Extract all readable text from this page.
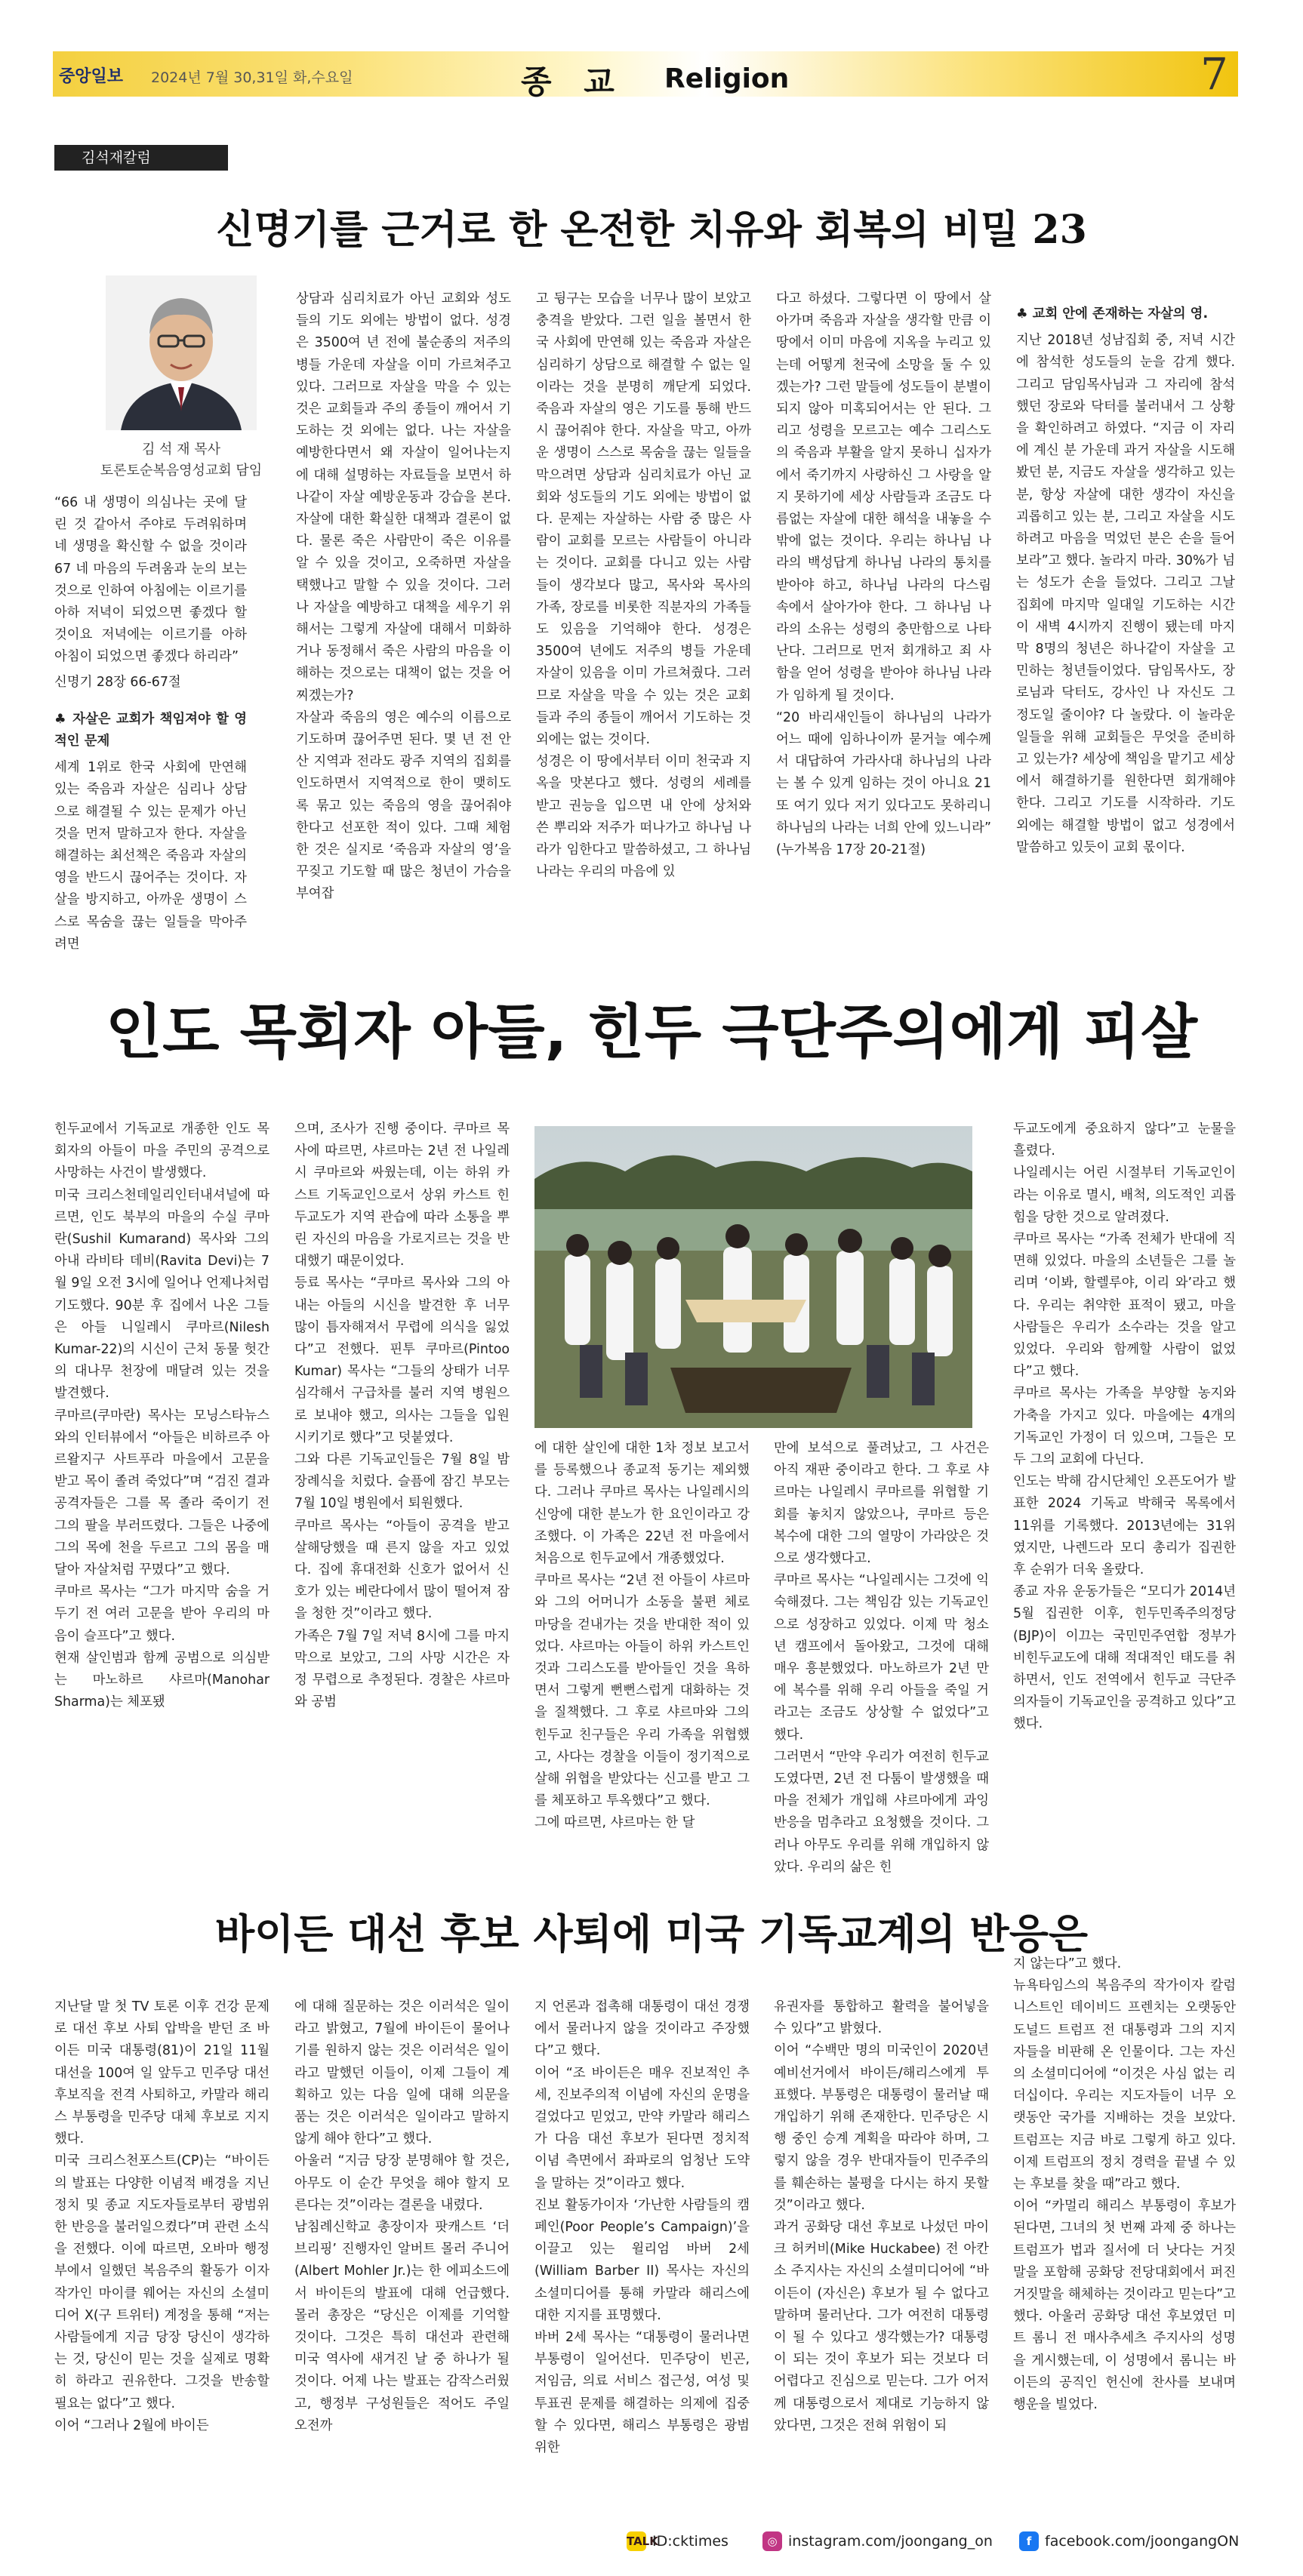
중앙일보 2024년 7월 30,31일 화,수요일	종 교 Religion	7
김석재칼럼
신명기를 근거로 한 온전한 치유와 회복의 비밀 23
김 석 재 목사
토론토순복음영성교회 담임

“66 내 생명이 의심나는 곳에 달린 것 같아서 주야로 두려워하며 네 생명을 확신할 수 없을 것이라 67 네 마음의 두려움과 눈의 보는 것으로 인하여 아침에는 이르기를 아하 저녁이 되었으면 좋겠다 할 것이요 저녁에는 이르기를 아하 아침이 되었으면 좋겠다 하리라”

신명기 28장 66-67절

♣ 자살은 교회가 책임져야 할 영적인 문제

세계 1위로 한국 사회에 만연해 있는 죽음과 자살은 심리나 상담으로 해결될 수 있는 문제가 아닌 것을 먼저 말하고자 한다. 자살을 해결하는 최선책은 죽음과 자살의 영을 반드시 끊어주는 것이다. 자살을 방지하고, 아까운 생명이 스스로 목숨을 끊는 일들을 막아주려면

상담과 심리치료가 아닌 교회와 성도들의 기도 외에는 방법이 없다. 성경은 3500여 년 전에 불순종의 저주의 병들 가운데 자살을 이미 가르쳐주고 있다. 그러므로 자살을 막을 수 있는 것은 교회들과 주의 종들이 깨어서 기도하는 것 외에는 없다. 나는 자살을 예방한다면서 왜 자살이 일어나는지에 대해 설명하는 자료들을 보면서 하나같이 자살 예방운동과 강습을 본다. 자살에 대한 확실한 대책과 결론이 없다. 물론 죽은 사람만이 죽은 이유를 알 수 있을 것이고, 오죽하면 자살을 택했나고 말할 수 있을 것이다. 그러나 자살을 예방하고 대책을 세우기 위해서는 그렇게 자살에 대해서 미화하거나 동정해서 죽은 사람의 마음을 이해하는 것으로는 대책이 없는 것을 어찌겠는가?

자살과 죽음의 영은 예수의 이름으로 기도하며 끊어주면 된다. 몇 년 전 안산 지역과 전라도 광주 지역의 집회를 인도하면서 지역적으로 한이 맺히도록 묶고 있는 죽음의 영을 끊어줘야 한다고 선포한 적이 있다. 그때 체험한 것은 실지로 ‘죽음과 자살의 영’을 꾸짖고 기도할 때 많은 청년이 가슴을 부여잡

고 뒹구는 모습을 너무나 많이 보았고 충격을 받았다. 그런 일을 볼면서 한국 사회에 만연해 있는 죽음과 자살은 심리하기 상담으로 해결할 수 없는 일이라는 것을 분명히 깨닫게 되었다. 죽음과 자살의 영은 기도를 통해 반드시 끊어줘야 한다. 자살을 막고, 아까운 생명이 스스로 목숨을 끊는 일들을 막으려면 상담과 심리치료가 아닌 교회와 성도들의 기도 외에는 방법이 없다. 문제는 자살하는 사람 중 많은 사람이 교회를 모르는 사람들이 아니라는 것이다. 교회를 다니고 있는 사람들이 생각보다 많고, 목사와 목사의 가족, 장로를 비롯한 직분자의 가족들도 있음을 기억해야 한다. 성경은 3500여 년에도 저주의 병들 가운데 자살이 있음을 이미 가르쳐줬다. 그러므로 자살을 막을 수 있는 것은 교회들과 주의 종들이 깨어서 기도하는 것 외에는 없는 것이다.

성경은 이 땅에서부터 이미 천국과 지옥을 맛본다고 했다. 성령의 세례를 받고 권능을 입으면 내 안에 상처와 쓴 뿌리와 저주가 떠나가고 하나님 나라가 임한다고 말씀하셨고, 그 하나님 나라는 우리의 마음에 있

다고 하셨다. 그렇다면 이 땅에서 살아가며 죽음과 자살을 생각할 만큼 이 땅에서 이미 마음에 지옥을 누리고 있는데 어떻게 천국에 소망을 둘 수 있겠는가? 그런 말들에 성도들이 분별이 되지 않아 미혹되어서는 안 된다. 그리고 성령을 모르고는 예수 그리스도의 죽음과 부활을 알지 못하니 십자가에서 죽기까지 사랑하신 그 사랑을 알지 못하기에 세상 사람들과 조금도 다름없는 자살에 대한 해석을 내놓을 수밖에 없는 것이다. 우리는 하나님 나라의 백성답게 하나님 나라의 통치를 받아야 하고, 하나님 나라의 다스림 속에서 살아가야 한다. 그 하나님 나라의 소유는 성령의 충만함으로 나타난다. 그러므로 먼저 회개하고 죄 사함을 얻어 성령을 받아야 하나님 나라가 임하게 될 것이다.

“20 바리새인들이 하나님의 나라가 어느 때에 임하나이까 묻거늘 예수께서 대답하여 가라사대 하나님의 나라는 볼 수 있게 임하는 것이 아니요 21 또 여기 있다 저기 있다고도 못하리니 하나님의 나라는 너희 안에 있느니라” (누가복음 17장 20-21절)

♣ 교회 안에 존재하는 자살의 영.

지난 2018년 성남집회 중, 저녁 시간에 참석한 성도들의 눈을 감게 했다. 그리고 담임목사님과 그 자리에 참석했던 장로와 닥터를 불러내서 그 상황을 확인하려고 하였다. “지금 이 자리에 계신 분 가운데 과거 자살을 시도해봤던 분, 지금도 자살을 생각하고 있는 분, 항상 자살에 대한 생각이 자신을 괴롭히고 있는 분, 그리고 자살을 시도하려고 마음을 먹었던 분은 손을 들어보라”고 했다. 놀라지 마라. 30%가 넘는 성도가 손을 들었다. 그리고 그날 집회에 마지막 일대일 기도하는 시간이 새벽 4시까지 진행이 됐는데 마지막 8명의 청년은 하나같이 자살을 고민하는 청년들이었다. 담임목사도, 장로님과 닥터도, 강사인 나 자신도 그 정도일 줄이야? 다 놀랐다. 이 놀라운 일들을 위해 교회들은 무엇을 준비하고 있는가? 세상에 책임을 맡기고 세상에서 해결하기를 원한다면 회개해야 한다. 그리고 기도를 시작하라. 기도 외에는 해결할 방법이 없고 성경에서 말씀하고 있듯이 교회 몫이다.

인도 목회자 아들, 힌두 극단주의에게 피살

힌두교에서 기독교로 개종한 인도 목회자의 아들이 마을 주민의 공격으로 사망하는 사건이 발생했다.

미국 크리스천데일리인터내셔널에 따르면, 인도 북부의 마을의 수실 쿠마란(Sushil Kumarand) 목사와 그의 아내 라비타 데비(Ravita Devi)는 7월 9일 오전 3시에 일어나 언제나처럼 기도했다. 90분 후 집에서 나온 그들은 아들 니일레시 쿠마르(Nilesh Kumar-22)의 시신이 근처 동물 헛간의 대나무 천장에 매달려 있는 것을 발견했다.

쿠마르(쿠마란) 목사는 모닝스타뉴스와의 인터뷰에서 “아들은 비하르주 아르왈지구 사트푸라 마을에서 고문을 받고 목이 졸려 죽었다”며 “검진 결과 공격자들은 그를 목 졸라 죽이기 전 그의 팔을 부러뜨렸다. 그들은 나중에 그의 목에 천을 두르고 그의 몸을 매달아 자살처럼 꾸몄다”고 했다.

쿠마르 목사는 “그가 마지막 숨을 거두기 전 여러 고문을 받아 우리의 마음이 슬프다”고 했다.

현재 살인범과 함께 공범으로 의심받는 마노하르 샤르마(Manohar Sharma)는 체포됐

으며, 조사가 진행 중이다. 쿠마르 목사에 따르면, 샤르마는 2년 전 나일레시 쿠마르와 싸웠는데, 이는 하위 카스트 기독교인으로서 상위 카스트 힌두교도가 지역 관습에 따라 소통을 뿌린 자신의 마음을 가로지르는 것을 반대했기 때문이었다.

등료 목사는 “쿠마르 목사와 그의 아내는 아들의 시신을 발견한 후 너무 많이 틈자해져서 무렵에 의식을 잃었다”고 전했다. 핀투 쿠마르(Pintoo Kumar) 목사는 “그들의 상태가 너무 심각해서 구급차를 불러 지역 병원으로 보내야 했고, 의사는 그들을 입원시키기로 했다”고 덧붙였다.

그와 다른 기독교인들은 7월 8일 밤 장례식을 치렀다. 슬픔에 잠긴 부모는 7월 10일 병원에서 퇴원했다.

쿠마르 목사는 “아들이 공격을 받고 살해당했을 때 른지 않을 자고 있었다. 집에 휴대전화 신호가 없어서 신호가 있는 베란다에서 많이 떨어져 잠을 청한 것”이라고 했다.

가족은 7월 7일 저녁 8시에 그를 마지막으로 보았고, 그의 사망 시간은 자정 무렵으로 추정된다. 경찰은 샤르마와 공범

에 대한 살인에 대한 1차 정보 보고서를 등록했으나 종교적 동기는 제외했다. 그러나 쿠마르 목사는 나일레시의 신앙에 대한 분노가 한 요인이라고 강조했다. 이 가족은 22년 전 마을에서 처음으로 힌두교에서 개종했었다.

쿠마르 목사는 “2년 전 아들이 샤르마와 그의 어머니가 소동을 불편 체로 마당을 걷내가는 것을 반대한 적이 있었다. 샤르마는 아들이 하위 카스트인 것과 그리스도를 받아들인 것을 욕하면서 그렇게 뻔뻔스럽게 대화하는 것을 질책했다. 그 후로 샤르마와 그의 힌두교 친구들은 우리 가족을 위협했고, 사다는 경찰을 이들이 정기적으로 살해 위협을 받았다는 신고를 받고 그를 체포하고 투옥했다”고 했다.

그에 따르면, 샤르마는 한 달

만에 보석으로 풀려났고, 그 사건은 아직 재판 중이라고 한다. 그 후로 샤르마는 나일레시 쿠마르를 위협할 기회를 놓치지 않았으나, 쿠마르 등은 복수에 대한 그의 열망이 가라앉은 것으로 생각했다고.

쿠마르 목사는 “나일레시는 그것에 익숙해졌다. 그는 책임감 있는 기독교인으로 성장하고 있었다. 이제 막 청소년 캠프에서 돌아왔고, 그것에 대해 매우 흥분했었다. 마노하르가 2년 만에 복수를 위해 우리 아들을 죽일 거라고는 조금도 상상할 수 없었다”고 했다.

그러면서 “만약 우리가 여전히 힌두교도였다면, 2년 전 다툼이 발생했을 때 마을 전체가 개입해 샤르마에게 과잉 반응을 멈추라고 요청했을 것이다. 그러나 아무도 우리를 위해 개입하지 않았다. 우리의 삶은 힌

두교도에게 중요하지 않다”고 눈물을 흘렸다.

나일레시는 어린 시절부터 기독교인이라는 이유로 멸시, 배척, 의도적인 괴롭힘을 당한 것으로 알려졌다.

쿠마르 목사는 “가족 전체가 반대에 직면해 있었다. 마을의 소년들은 그를 놀리며 ‘이봐, 할렐루야, 이리 와’라고 했다. 우리는 취약한 표적이 됐고, 마을 사람들은 우리가 소수라는 것을 알고 있었다. 우리와 함께할 사람이 없었다”고 했다.

쿠마르 목사는 가족을 부양할 농지와 가축을 가지고 있다. 마을에는 4개의 기독교인 가정이 더 있으며, 그들은 모두 그의 교회에 다닌다.

인도는 박해 감시단체인 오픈도어가 발표한 2024 기독교 박해국 목록에서 11위를 기록했다. 2013년에는 31위였지만, 나렌드라 모디 총리가 집권한 후 순위가 더욱 올랐다.

종교 자유 운동가들은 “모디가 2014년 5월 집권한 이후, 힌두민족주의정당(BJP)이 이끄는 국민민주연합 정부가 비힌두교도에 대해 적대적인 태도를 취하면서, 인도 전역에서 힌두교 극단주의자들이 기독교인을 공격하고 있다”고 했다.

바이든 대선 후보 사퇴에 미국 기독교계의 반응은

지난달 말 첫 TV 토론 이후 건강 문제로 대선 후보 사퇴 압박을 받던 조 바이든 미국 대통령(81)이 21일 11월 대선을 100여 일 앞두고 민주당 대선 후보직을 전격 사퇴하고, 카말라 해리스 부통령을 민주당 대체 후보로 지지했다.

미국 크리스천포스트(CP)는 “바이든의 발표는 다양한 이념적 배경을 지닌 정치 및 종교 지도자들로부터 광범위한 반응을 불러일으켰다”며 관련 소식을 전했다. 이에 따르면, 오바마 행정부에서 일했던 복음주의 활동가 이자 작가인 마이클 웨어는 자신의 소셜미디어 X(구 트위터) 계정을 통해 “저는 사람들에게 지금 당장 당신이 생각하는 것, 당신이 믿는 것을 실제로 명확히 하라고 권유한다. 그것을 반송할 필요는 없다”고 했다.

이어 “그러나 2월에 바이든

에 대해 질문하는 것은 이러석은 일이라고 밝혔고, 7월에 바이든이 물어나기를 원하지 않는 것은 이러석은 일이라고 말했던 이들이, 이제 그들이 계획하고 있는 다음 일에 대해 의문을 품는 것은 이러석은 일이라고 말하지 않게 해야 한다”고 했다.

아울러 “지금 당장 분명해야 할 것은, 아무도 이 순간 무엇을 해야 할지 모른다는 것”이라는 결론을 내렸다.

남침례신학교 총장이자 팟캐스트 ‘더 브리핑’ 진행자인 알버트 몰러 주니어(Albert Mohler Jr.)는 한 에피소드에서 바이든의 발표에 대해 언급했다. 몰러 총장은 “당신은 이제를 기억할 것이다. 그것은 특히 대선과 관련해 미국 역사에 새겨진 날 중 하나가 될 것이다. 어제 나는 발표는 감작스러웠고, 행정부 구성원들은 적어도 주일 오전까

지 언론과 접촉해 대통령이 대선 경쟁에서 물러나지 않을 것이라고 주장했다”고 했다.

이어 “조 바이든은 매우 진보적인 추세, 진보주의적 이념에 자신의 운명을 걸었다고 믿었고, 만약 카말라 해리스가 다음 대선 후보가 된다면 정치적 이념 측면에서 좌파로의 엄청난 도약을 말하는 것”이라고 했다.

진보 활동가이자 ‘가난한 사람들의 캠페인(Poor People’s Campaign)’을 이끌고 있는 윌리엄 바버 2세(William Barber II) 목사는 자신의 소셜미디어를 통해 카말라 해리스에 대한 지지를 표명했다.

바버 2세 목사는 “대통령이 물러나면 부통령이 일어선다. 민주당이 빈곤, 저임금, 의료 서비스 접근성, 여성 및 투표권 문제를 해결하는 의제에 집중할 수 있다면, 해리스 부통령은 광범위한

유권자를 통합하고 활력을 불어넣을 수 있다”고 밝혔다.

이어 “수백만 명의 미국인이 2020년 예비선거에서 바이든/해리스에게 투표했다. 부통령은 대통령이 물러날 때 개입하기 위해 존재한다. 민주당은 시행 중인 승계 계획을 따라야 하며, 그렇지 않을 경우 반대자들이 민주주의를 훼손하는 불평을 다시는 하지 못할 것”이라고 했다.

과거 공화당 대선 후보로 나섰던 마이크 허커비(Mike Huckabee) 전 아칸소 주지사는 자신의 소셜미디어에 “바이든이 (자신은) 후보가 될 수 없다고 말하며 물러난다. 그가 여전히 대통령이 될 수 있다고 생각했는가? 대통령이 되는 것이 후보가 되는 것보다 더 어렵다고 진심으로 믿는다. 그가 어저께 대통령으로서 제대로 기능하지 않았다면, 그것은 전혀 위험이 되

지 않는다”고 했다.

뉴욕타임스의 복음주의 작가이자 칼럼니스트인 데이비드 프렌치는 오랫동안 도널드 트럼프 전 대통령과 그의 지지자들을 비판해 온 인물이다. 그는 자신의 소셜미디어에 “이것은 사심 없는 리더십이다. 우리는 지도자들이 너무 오랫동안 국가를 지배하는 것을 보았다. 트럼프는 지금 바로 그렇게 하고 있다. 이제 트럼프의 정치 경력을 끝낼 수 있는 후보를 찾을 때”라고 했다.

이어 “카멀리 해리스 부통령이 후보가 된다면, 그녀의 첫 번째 과제 중 하나는 트럼프가 법과 질서에 더 낫다는 거짓말을 포함해 공화당 전당대회에서 퍼진 거짓말을 해체하는 것이라고 믿는다”고 했다. 아울러 공화당 대선 후보였던 미트 롬니 전 매사추세츠 주지사의 성명을 게시했는데, 이 성명에서 롬니는 바이든의 공직인 헌신에 찬사를 보내며 행운을 빌었다.

TALK
ID:cktimes	◎ instagram.com/joongang_on	f facebook.com/joongangON
